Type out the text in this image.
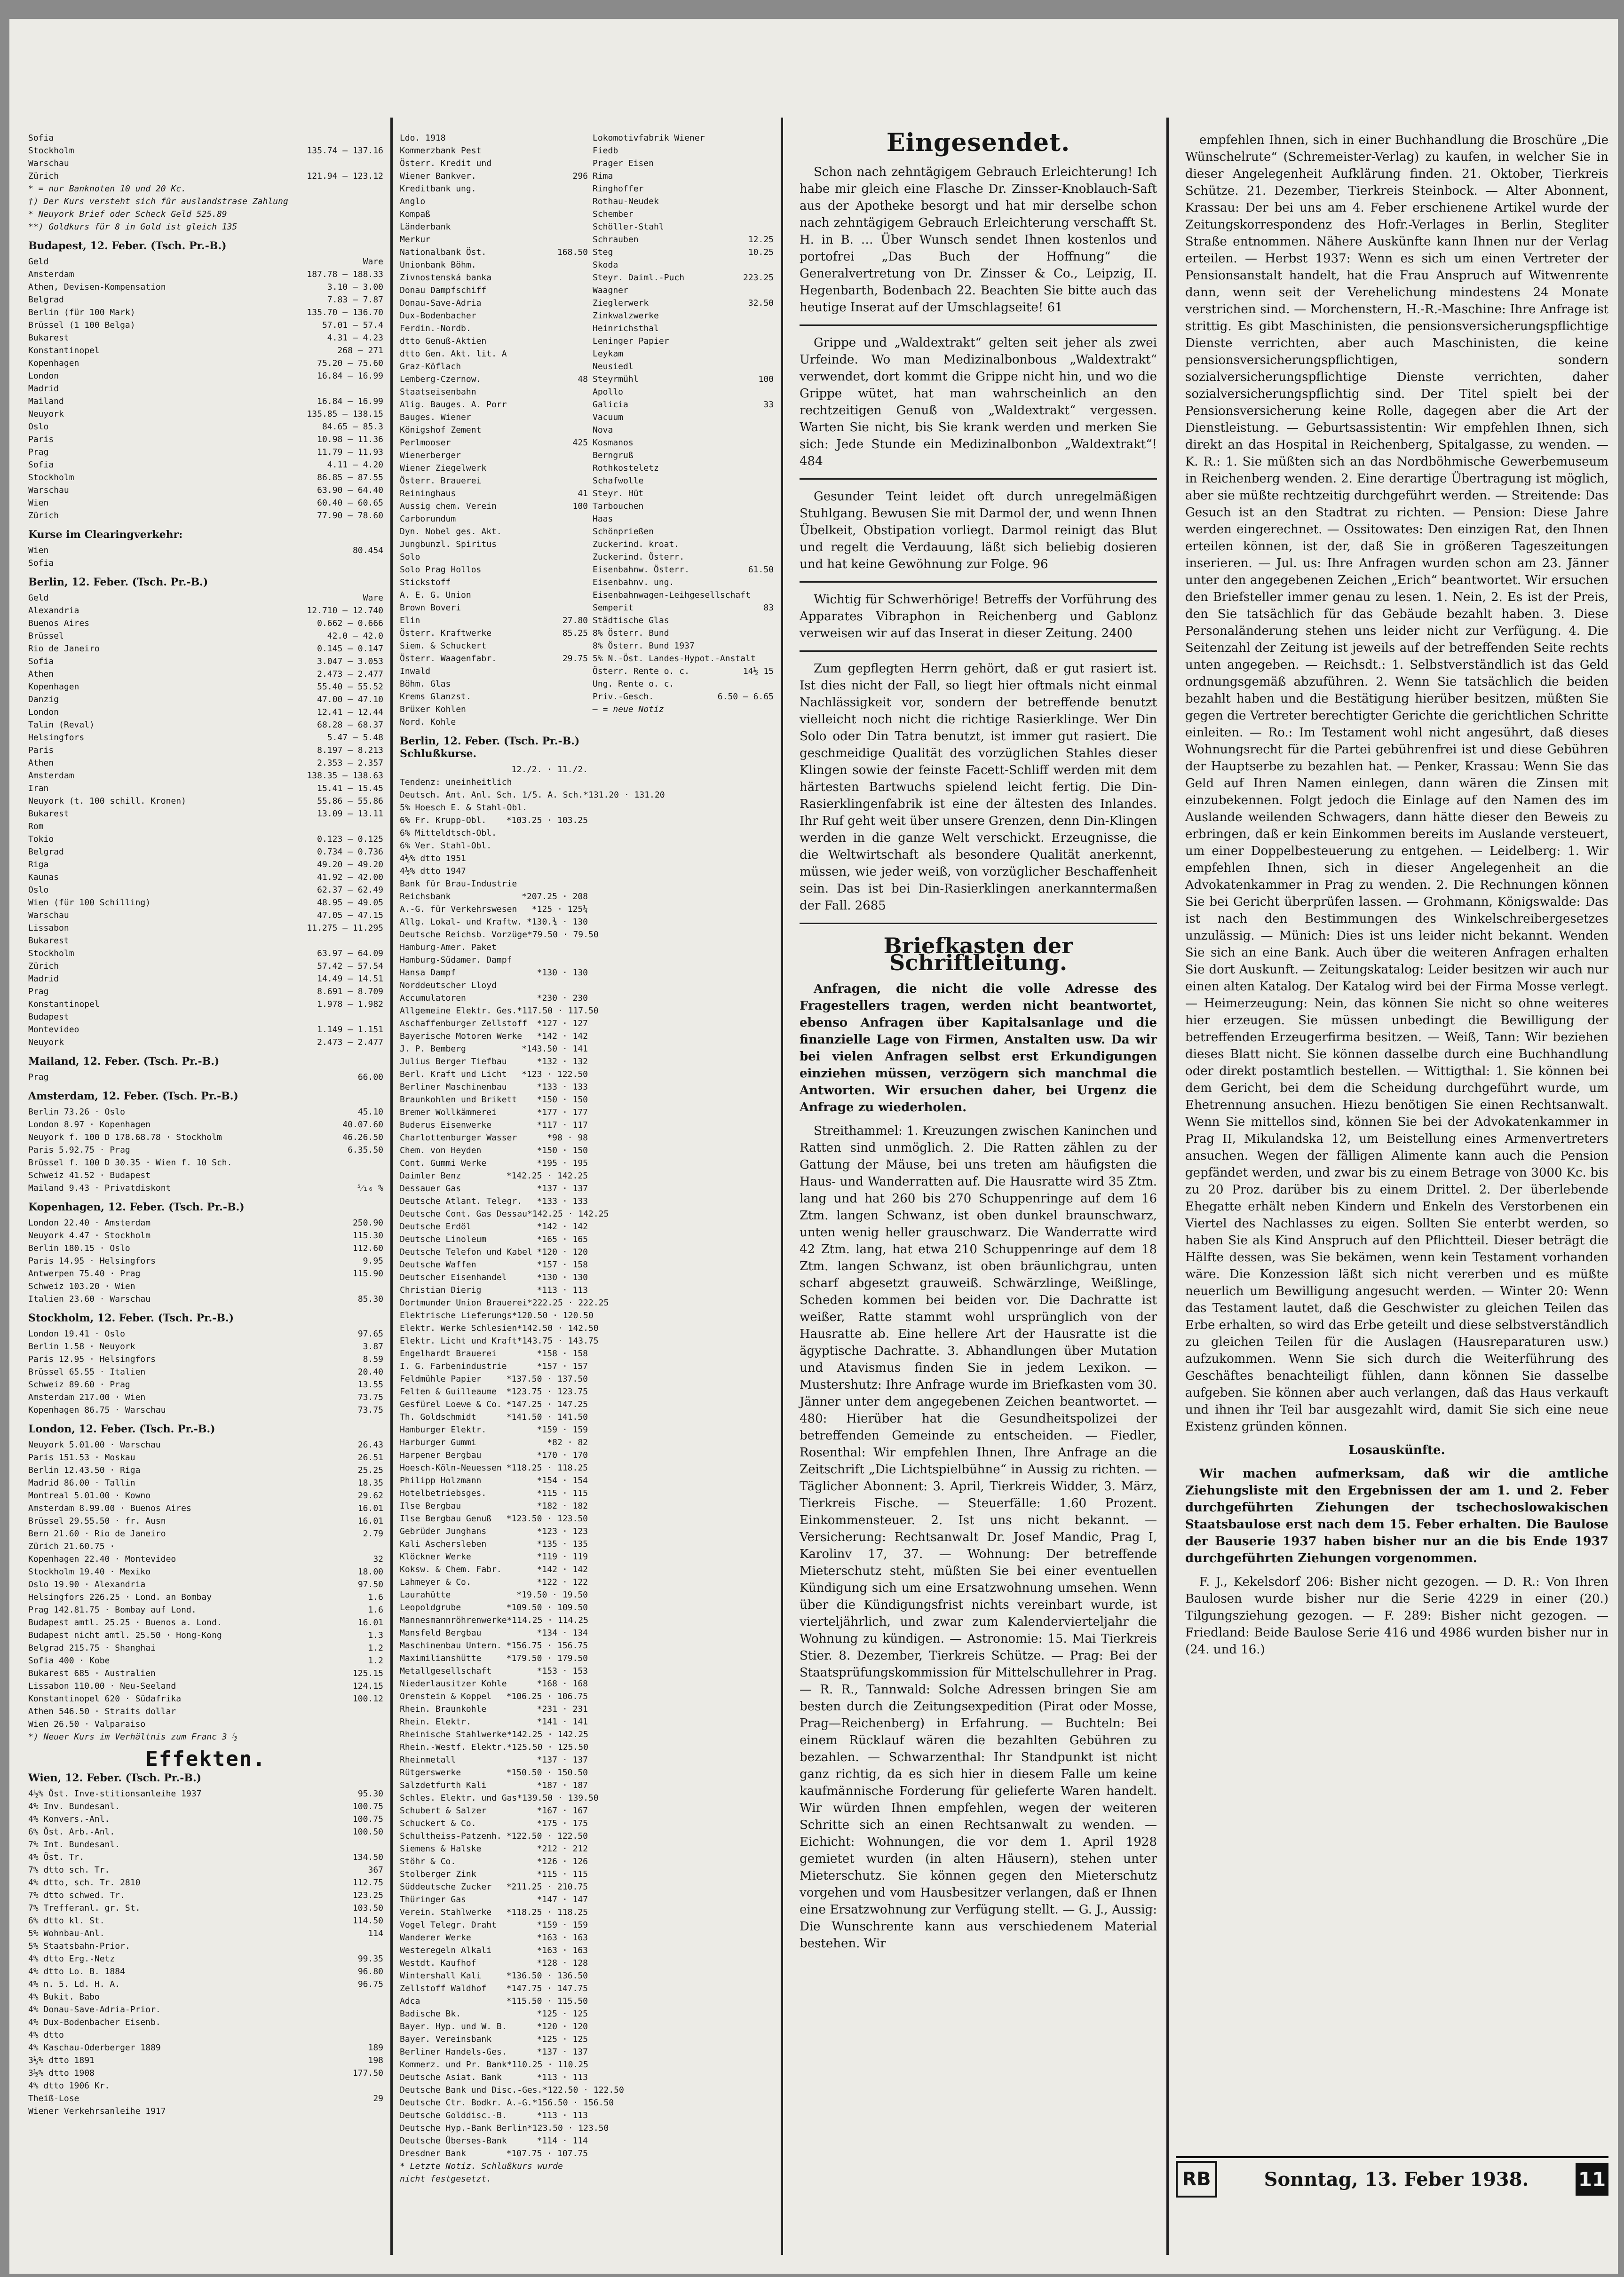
Sofia
Stockholm	135.74 — 137.16
Warschau
Zürich	121.94 — 123.12
* = nur Banknoten 10 und 20 Kc.
†) Der Kurs versteht sich für auslandstrase Zahlung
* Neuyork Brief oder Scheck Geld 525.89
**) Goldkurs für 8 in Gold ist gleich 135
Budapest, 12. Feber. (Tsch. Pr.-B.)
Geld	Ware
Amsterdam	187.78 — 188.33
Athen, Devisen-Kompensation	3.10 — 3.00
Belgrad	7.83 — 7.87
Berlin (für 100 Mark)	135.70 — 136.70
Brüssel (1 100 Belga)	57.01 — 57.4
Bukarest	4.31 — 4.23
Konstantinopel	268 — 271
Kopenhagen	75.20 — 75.60
London	16.84 — 16.99
Madrid
Mailand	16.84 — 16.99
Neuyork	135.85 — 138.15
Oslo	84.65 — 85.3
Paris	10.98 — 11.36
Prag	11.79 — 11.93
Sofia	4.11 — 4.20
Stockholm	86.85 — 87.55
Warschau	63.90 — 64.40
Wien	60.40 — 60.65
Zürich	77.90 — 78.60
Kurse im Clearingverkehr:
Wien	80.454
Sofia
Berlin, 12. Feber. (Tsch. Pr.-B.)
Geld	Ware
Alexandria	12.710 — 12.740
Buenos Aires	0.662 — 0.666
Brüssel	42.0 — 42.0
Rio de Janeiro	0.145 — 0.147
Sofia	3.047 — 3.053
Athen	2.473 — 2.477
Kopenhagen	55.40 — 55.52
Danzig	47.00 — 47.10
London	12.41 — 12.44
Talin (Reval)	68.28 — 68.37
Helsingfors	5.47 — 5.48
Paris	8.197 — 8.213
Athen	2.353 — 2.357
Amsterdam	138.35 — 138.63
Iran	15.41 — 15.45
Neuyork (t. 100 schill. Kronen)	55.86 — 55.86
Bukarest	13.09 — 13.11
Rom
Tokio	0.123 — 0.125
Belgrad	0.734 — 0.736
Riga	49.20 — 49.20
Kaunas	41.92 — 42.00
Oslo	62.37 — 62.49
Wien (für 100 Schilling)	48.95 — 49.05
Warschau	47.05 — 47.15
Lissabon	11.275 — 11.295
Bukarest
Stockholm	63.97 — 64.09
Zürich	57.42 — 57.54
Madrid	14.49 — 14.51
Prag	8.691 — 8.709
Konstantinopel	1.978 — 1.982
Budapest
Montevideo	1.149 — 1.151
Neuyork	2.473 — 2.477
Mailand, 12. Feber. (Tsch. Pr.-B.)
Prag	66.00
Amsterdam, 12. Feber. (Tsch. Pr.-B.)
Berlin 73.26 · Oslo	45.10
London 8.97 · Kopenhagen	40.07.60
Neuyork f. 100 D 178.68.78 · Stockholm	46.26.50
Paris 5.92.75 · Prag	6.35.50
Brüssel f. 100 D 30.35 · Wien f. 10 Sch.
Schweiz 41.52 · Budapest
Mailand 9.43 · Privatdiskont	⁵⁄₁₆ %
Kopenhagen, 12. Feber. (Tsch. Pr.-B.)
London 22.40 · Amsterdam	250.90
Neuyork 4.47 · Stockholm	115.30
Berlin 180.15 · Oslo	112.60
Paris 14.95 · Helsingfors	9.95
Antwerpen 75.40 · Prag	115.90
Schweiz 103.20 · Wien
Italien 23.60 · Warschau	85.30
Stockholm, 12. Feber. (Tsch. Pr.-B.)
London 19.41 · Oslo	97.65
Berlin 1.58 · Neuyork	3.87
Paris 12.95 · Helsingfors	8.59
Brüssel 65.55 · Italien	20.40
Schweiz 89.60 · Prag	13.55
Amsterdam 217.00 · Wien	73.75
Kopenhagen 86.75 · Warschau	73.75
London, 12. Feber. (Tsch. Pr.-B.)
Neuyork 5.01.00 · Warschau	26.43
Paris 151.53 · Moskau	26.51
Berlin 12.43.50 · Riga	25.25
Madrid 86.00 · Tallin	18.35
Montreal 5.01.00 · Kowno	29.62
Amsterdam 8.99.00 · Buenos Aires	16.01
Brüssel 29.55.50 · fr. Ausn	16.01
Bern 21.60 · Rio de Janeiro	2.79
Zürich 21.60.75 ·
Kopenhagen 22.40 · Montevideo	32
Stockholm 19.40 · Mexiko	18.00
Oslo 19.90 · Alexandria	97.50
Helsingfors 226.25 · Lond. an Bombay	1.6
Prag 142.81.75 · Bombay auf Lond.	1.6
Budapest amtl. 25.25 · Buenos a. Lond.	16.01
Budapest nicht amtl. 25.50 · Hong-Kong	1.3
Belgrad 215.75 · Shanghai	1.2
Sofia 400 · Kobe	1.2
Bukarest 685 · Australien	125.15
Lissabon 110.00 · Neu-Seeland	124.15
Konstantinopel 620 · Südafrika	100.12
Athen 546.50 · Straits dollar
Wien 26.50 · Valparaiso
*) Neuer Kurs im Verhältnis zum Franc 3 ½
Effekten.
Wien, 12. Feber. (Tsch. Pr.-B.)
4½% Öst. Inve-stitionsanleihe 1937	95.30
4% Inv. Bundesanl.	100.75
4% Konvers.-Anl.	100.75
6% Öst. Arb.-Anl.	100.50
7% Int. Bundesanl.
4% Öst. Tr.	134.50
7% dtto sch. Tr.	367
4% dtto, sch. Tr. 2810	112.75
7% dtto schwed. Tr.	123.25
7% Trefferanl. gr. St.	103.50
6% dtto kl. St.	114.50
5% Wohnbau-Anl.	114
5% Staatsbahn-Prior.
4% dtto Erg.-Netz	99.35
4% dtto Lo. B. 1884	96.80
4% n. 5. Ld. H. A.	96.75
4% Bukit. Babo
4% Donau-Save-Adria-Prior.
4% Dux-Bodenbacher Eisenb.
4% dtto
4% Kaschau-Oderberger 1889	189
3½% dtto 1891	198
3½% dtto 1908	177.50
4% dtto 1906 Kr.
Theiß-Lose	29
Wiener Verkehrsanleihe 1917
Ldo. 1918
Kommerzbank Pest
Österr. Kredit und
Wiener Bankver.	296
Kreditbank ung.
Anglo
Kompaß
Länderbank
Merkur
Nationalbank Öst.	168.50
Unionbank Böhm.
Zivnostenská banka
Donau Dampfschiff
Donau-Save-Adria
Dux-Bodenbacher
Ferdin.-Nordb.
dtto Genuß-Aktien
dtto Gen. Akt. lit. A
Graz-Köflach
Lemberg-Czernow.	48
Staatseisenbahn
Alig. Bauges. A. Porr
Bauges. Wiener
Königshof Zement
Perlmooser	425
Wienerberger
Wiener Ziegelwerk
Österr. Brauerei
Reininghaus	41
Aussig chem. Verein	100
Carborundum
Dyn. Nobel ges. Akt.
Jungbunzl. Spiritus
Solo
Solo Prag Hollos
Stickstoff
A. E. G. Union
Brown Boveri
Elin	27.80
Österr. Kraftwerke	85.25
Siem. & Schuckert
Österr. Waagenfabr.	29.75
Inwald
Böhm. Glas
Krems Glanzst.
Brüxer Kohlen
Nord. Kohle
Berlin, 12. Feber. (Tsch. Pr.-B.) Schlußkurse.
12./2. · 11./2.
Tendenz: uneinheitlich
Deutsch. Ant. Anl. Sch. 1/5. A. Sch. *131.20 · 131.20
5% Hoesch E. & Stahl-Obl.
6% Fr. Krupp-Obl. *103.25 · 103.25
6% Mitteldtsch-Obl.
6% Ver. Stahl-Obl.
4½% dtto 1951
4½% dtto 1947
Bank für Brau-Industrie
Reichsbank	*207.25 · 208
A.-G. für Verkehrswesen *125 · 125¼
Allg. Lokal- und Kraftw. *130.¾ · 130
Deutsche Reichsb. Vorzüge *79.50 · 79.50
Hamburg-Amer. Paket
Hamburg-Südamer. Dampf
Hansa Dampf	*130 · 130
Norddeutscher Lloyd
Accumulatoren	*230 · 230
Allgemeine Elektr. Ges. *117.50 · 117.50
Aschaffenburger Zellstoff *127 · 127
Bayerische Motoren Werke *142 · 142
J. P. Bemberg	*143.50 · 141
Julius Berger Tiefbau	*132 · 132
Berl. Kraft und Licht *123 · 122.50
Berliner Maschinenbau	*133 · 133
Braunkohlen und Brikett *150 · 150
Bremer Wollkämmerei	*177 · 177
Buderus Eisenwerke	*117 · 117
Charlottenburger Wasser	*98 · 98
Chem. von Heyden	*150 · 150
Cont. Gummi Werke	*195 · 195
Daimler Benz	*142.25 · 142.25
Dessauer Gas	*137 · 137
Deutsche Atlant. Telegr. *133 · 133
Deutsche Cont. Gas Dessau *142.25 · 142.25
Deutsche Erdöl	*142 · 142
Deutsche Linoleum	*165 · 165
Deutsche Telefon und Kabel *120 · 120
Deutsche Waffen	*157 · 158
Deutscher Eisenhandel	*130 · 130
Christian Dierig	*113 · 113
Dortmunder Union Brauerei *222.25 · 222.25
Elektrische Lieferungs *120.50 · 120.50
Elektr. Werke Schlesien *142.50 · 142.50
Elektr. Licht und Kraft *143.75 · 143.75
Engelhardt Brauerei	*158 · 158
I. G. Farbenindustrie	*157 · 157
Feldmühle Papier	*137.50 · 137.50
Felten & Guilleaume *123.75 · 123.75
Gesfürel Loewe & Co. *147.25 · 147.25
Th. Goldschmidt	*141.50 · 141.50
Hamburger Elektr.	*159 · 159
Harburger Gummi	*82 · 82
Harpener Bergbau	*170 · 170
Hoesch-Köln-Neuessen *118.25 · 118.25
Philipp Holzmann	*154 · 154
Hotelbetriebsges.	*115 · 115
Ilse Bergbau	*182 · 182
Ilse Bergbau Genuß *123.50 · 123.50
Gebrüder Junghans	*123 · 123
Kali Aschersleben	*135 · 135
Klöckner Werke	*119 · 119
Koksw. & Chem. Fabr.	*142 · 142
Lahmeyer & Co.	*122 · 122
Laurahütte	*19.50 · 19.50
Leopoldgrube	*109.50 · 109.50
Mannesmannröhrenwerke *114.25 · 114.25
Mansfeld Bergbau	*134 · 134
Maschinenbau Untern. *156.75 · 156.75
Maximilianshütte	*179.50 · 179.50
Metallgesellschaft	*153 · 153
Niederlausitzer Kohle	*168 · 168
Orenstein & Koppel *106.25 · 106.75
Rhein. Braunkohle	*231 · 231
Rhein. Elektr.	*141 · 141
Rheinische Stahlwerke *142.25 · 142.25
Rhein.-Westf. Elektr. *125.50 · 125.50
Rheinmetall	*137 · 137
Rütgerswerke	*150.50 · 150.50
Salzdetfurth Kali	*187 · 187
Schles. Elektr. und Gas *139.50 · 139.50
Schubert & Salzer	*167 · 167
Schuckert & Co.	*175 · 175
Schultheiss-Patzenh. *122.50 · 122.50
Siemens & Halske	*212 · 212
Stöhr & Co.	*126 · 126
Stolberger Zink	*115 · 115
Süddeutsche Zucker *211.25 · 210.75
Thüringer Gas	*147 · 147
Verein. Stahlwerke *118.25 · 118.25
Vogel Telegr. Draht	*159 · 159
Wanderer Werke	*163 · 163
Westeregeln Alkali	*163 · 163
Westdt. Kaufhof	*128 · 128
Wintershall Kali	*136.50 · 136.50
Zellstoff Waldhof *147.75 · 147.75
Adca	*115.50 · 115.50
Badische Bk.	*125 · 125
Bayer. Hyp. und W. B.	*120 · 120
Bayer. Vereinsbank	*125 · 125
Berliner Handels-Ges.	*137 · 137
Kommerz. und Pr. Bank *110.25 · 110.25
Deutsche Asiat. Bank	*113 · 113
Deutsche Bank und Disc.-Ges. *122.50 · 122.50
Deutsche Ctr. Bodkr. A.-G. *156.50 · 156.50
Deutsche Golddisc.-B.	*113 · 113
Deutsche Hyp.-Bank Berlin *123.50 · 123.50
Deutsche Überses-Bank	*114 · 114
Dresdner Bank	*107.75 · 107.75
* Letzte Notiz. Schlußkurs wurde nicht festgesetzt.
Lokomotivfabrik Wiener
Fiedb
Prager Eisen
Rima
Ringhoffer
Rothau-Neudek
Schember
Schöller-Stahl
Schrauben	12.25
Steg	10.25
Skoda
Steyr. Daiml.-Puch	223.25
Waagner
Zieglerwerk	32.50
Zinkwalzwerke
Heinrichsthal
Leninger Papier
Leykam
Neusiedl
Steyrmühl	100
Apollo
Galicia	33
Vacuum
Nova
Kosmanos
Berngruß
Rothkosteletz
Schafwolle
Steyr. Hüt
Tarbouchen
Haas
Schönprießen
Zuckerind. kroat.
Zuckerind. Österr.
Eisenbahnw. Österr.	61.50
Eisenbahnv. ung.
Eisenbahnwagen-Leihgesellschaft
Semperit	83
Städtische Glas
8% Österr. Bund
8% Österr. Bund 1937
5% N.-Öst. Landes-Hypot.-Anstalt
Österr. Rente o. c.	14½ 15
Ung. Rente o. c.
Priv.-Gesch.	6.50 — 6.65
— = neue Notiz
Eingesendet.

Schon nach zehntägigem Gebrauch Erleichterung! Ich habe mir gleich eine Flasche Dr. Zinsser-Knoblauch-Saft aus der Apotheke besorgt und hat mir derselbe schon nach zehntägigem Gebrauch Erleichterung verschafft St. H. in B. … Über Wunsch sendet Ihnen kostenlos und portofrei „Das Buch der Hoffnung“ die Generalvertretung von Dr. Zinsser & Co., Leipzig, II. Hegenbarth, Bodenbach 22. Beachten Sie bitte auch das heutige Inserat auf der Umschlagseite! 61

Grippe und „Waldextrakt“ gelten seit jeher als zwei Urfeinde. Wo man Medizinalbonbous „Waldextrakt“ verwendet, dort kommt die Grippe nicht hin, und wo die Grippe wütet, hat man wahrscheinlich an den rechtzeitigen Genuß von „Waldextrakt“ vergessen. Warten Sie nicht, bis Sie krank werden und merken Sie sich: Jede Stunde ein Medizinalbonbon „Waldextrakt“! 484

Gesunder Teint leidet oft durch unregelmäßigen Stuhlgang. Bewusen Sie mit Darmol der, und wenn Ihnen Übelkeit, Obstipation vorliegt. Darmol reinigt das Blut und regelt die Verdauung, läßt sich beliebig dosieren und hat keine Gewöhnung zur Folge. 96

Wichtig für Schwerhörige! Betreffs der Vorführung des Apparates Vibraphon in Reichenberg und Gablonz verweisen wir auf das Inserat in dieser Zeitung. 2400

Zum gepflegten Herrn gehört, daß er gut rasiert ist. Ist dies nicht der Fall, so liegt hier oftmals nicht einmal Nachlässigkeit vor, sondern der betreffende benutzt vielleicht noch nicht die richtige Rasierklinge. Wer Din Solo oder Din Tatra benutzt, ist immer gut rasiert. Die geschmeidige Qualität des vorzüglichen Stahles dieser Klingen sowie der feinste Facett-Schliff werden mit dem härtesten Bartwuchs spielend leicht fertig. Die Din-Rasierklingenfabrik ist eine der ältesten des Inlandes. Ihr Ruf geht weit über unsere Grenzen, denn Din-Klingen werden in die ganze Welt verschickt. Erzeugnisse, die die Weltwirtschaft als besondere Qualität anerkennt, müssen, wie jeder weiß, von vorzüglicher Beschaffenheit sein. Das ist bei Din-Rasierklingen anerkanntermaßen der Fall. 2685

Briefkasten der Schriftleitung.

Anfragen, die nicht die volle Adresse des Fragestellers tragen, werden nicht beantwortet, ebenso Anfragen über Kapitalsanlage und die finanzielle Lage von Firmen, Anstalten usw. Da wir bei vielen Anfragen selbst erst Erkundigungen einziehen müssen, verzögern sich manchmal die Antworten. Wir ersuchen daher, bei Urgenz die Anfrage zu wiederholen.

Streithammel: 1. Kreuzungen zwischen Kaninchen und Ratten sind unmöglich. 2. Die Ratten zählen zu der Gattung der Mäuse, bei uns treten am häufigsten die Haus- und Wanderratten auf. Die Hausratte wird 35 Ztm. lang und hat 260 bis 270 Schuppenringe auf dem 16 Ztm. langen Schwanz, ist oben dunkel braunschwarz, unten wenig heller grauschwarz. Die Wanderratte wird 42 Ztm. lang, hat etwa 210 Schuppenringe auf dem 18 Ztm. langen Schwanz, ist oben bräunlichgrau, unten scharf abgesetzt grauweiß. Schwärzlinge, Weißlinge, Scheden kommen bei beiden vor. Die Dachratte ist weißer, Ratte stammt wohl ursprünglich von der Hausratte ab. Eine hellere Art der Hausratte ist die ägyptische Dachratte. 3. Abhandlungen über Mutation und Atavismus finden Sie in jedem Lexikon. — Mustershutz: Ihre Anfrage wurde im Briefkasten vom 30. Jänner unter dem angegebenen Zeichen beantwortet. — 480: Hierüber hat die Gesundheitspolizei der betreffenden Gemeinde zu entscheiden. — Fiedler, Rosenthal: Wir empfehlen Ihnen, Ihre Anfrage an die Zeitschrift „Die Lichtspielbühne“ in Aussig zu richten. — Täglicher Abonnent: 3. April, Tierkreis Widder, 3. März, Tierkreis Fische. — Steuerfälle: 1.60 Prozent. Einkommensteuer. 2. Ist uns nicht bekannt. — Versicherung: Rechtsanwalt Dr. Josef Mandic, Prag I, Karolinv 17, 37. — Wohnung: Der betreffende Mieterschutz steht, müßten Sie bei einer eventuellen Kündigung sich um eine Ersatzwohnung umsehen. Wenn über die Kündigungsfrist nichts vereinbart wurde, ist vierteljährlich, und zwar zum Kalendervierteljahr die Wohnung zu kündigen. — Astronomie: 15. Mai Tierkreis Stier. 8. Dezember, Tierkreis Schütze. — Prag: Bei der Staatsprüfungskommission für Mittelschullehrer in Prag. — R. R., Tannwald: Solche Adressen bringen Sie am besten durch die Zeitungsexpedition (Pirat oder Mosse, Prag—Reichenberg) in Erfahrung. — Buchteln: Bei einem Rücklauf wären die bezahlten Gebühren zu bezahlen. — Schwarzenthal: Ihr Standpunkt ist nicht ganz richtig, da es sich hier in diesem Falle um keine kaufmännische Forderung für gelieferte Waren handelt. Wir würden Ihnen empfehlen, wegen der weiteren Schritte sich an einen Rechtsanwalt zu wenden. — Eichicht: Wohnungen, die vor dem 1. April 1928 gemietet wurden (in alten Häusern), stehen unter Mieterschutz. Sie können gegen den Mieterschutz vorgehen und vom Hausbesitzer verlangen, daß er Ihnen eine Ersatzwohnung zur Verfügung stellt. — G. J., Aussig: Die Wunschrente kann aus verschiedenem Material bestehen. Wir

empfehlen Ihnen, sich in einer Buchhandlung die Broschüre „Die Wünschelrute“ (Schremeister-Verlag) zu kaufen, in welcher Sie in dieser Angelegenheit Aufklärung finden. 21. Oktober, Tierkreis Schütze. 21. Dezember, Tierkreis Steinbock. — Alter Abonnent, Krassau: Der bei uns am 4. Feber erschienene Artikel wurde der Zeitungskorrespondenz des Hofr.-Verlages in Berlin, Stegliter Straße entnommen. Nähere Auskünfte kann Ihnen nur der Verlag erteilen. — Herbst 1937: Wenn es sich um einen Vertreter der Pensionsanstalt handelt, hat die Frau Anspruch auf Witwenrente dann, wenn seit der Verehelichung mindestens 24 Monate verstrichen sind. — Morchenstern, H.-R.-Maschine: Ihre Anfrage ist strittig. Es gibt Maschinisten, die pensionsversicherungspflichtige Dienste verrichten, aber auch Maschinisten, die keine pensionsversicherungspflichtigen, sondern sozialversicherungspflichtige Dienste verrichten, daher sozialversicherungspflichtig sind. Der Titel spielt bei der Pensionsversicherung keine Rolle, dagegen aber die Art der Dienstleistung. — Geburtsassistentin: Wir empfehlen Ihnen, sich direkt an das Hospital in Reichenberg, Spitalgasse, zu wenden. — K. R.: 1. Sie müßten sich an das Nordböhmische Gewerbemuseum in Reichenberg wenden. 2. Eine derartige Übertragung ist möglich, aber sie müßte rechtzeitig durchgeführt werden. — Streitende: Das Gesuch ist an den Stadtrat zu richten. — Pension: Diese Jahre werden eingerechnet. — Ossitowates: Den einzigen Rat, den Ihnen erteilen können, ist der, daß Sie in größeren Tageszeitungen inserieren. — Jul. us: Ihre Anfragen wurden schon am 23. Jänner unter den angegebenen Zeichen „Erich“ beantwortet. Wir ersuchen den Briefsteller immer genau zu lesen. 1. Nein, 2. Es ist der Preis, den Sie tatsächlich für das Gebäude bezahlt haben. 3. Diese Personaländerung stehen uns leider nicht zur Verfügung. 4. Die Seitenzahl der Zeitung ist jeweils auf der betreffenden Seite rechts unten angegeben. — Reichsdt.: 1. Selbstverständlich ist das Geld ordnungsgemäß abzuführen. 2. Wenn Sie tatsächlich die beiden bezahlt haben und die Bestätigung hierüber besitzen, müßten Sie gegen die Vertreter berechtigter Gerichte die gerichtlichen Schritte einleiten. — Ro.: Im Testament wohl nicht angesührt, daß dieses Wohnungsrecht für die Partei gebührenfrei ist und diese Gebühren der Hauptserbe zu bezahlen hat. — Penker, Krassau: Wenn Sie das Geld auf Ihren Namen einlegen, dann wären die Zinsen mit einzubekennen. Folgt jedoch die Einlage auf den Namen des im Auslande weilenden Schwagers, dann hätte dieser den Beweis zu erbringen, daß er kein Einkommen bereits im Auslande versteuert, um einer Doppelbesteuerung zu entgehen. — Leidelberg: 1. Wir empfehlen Ihnen, sich in dieser Angelegenheit an die Advokatenkammer in Prag zu wenden. 2. Die Rechnungen können Sie bei Gericht überprüfen lassen. — Grohmann, Königswalde: Das ist nach den Bestimmungen des Winkelschreibergesetzes unzulässig. — Münich: Dies ist uns leider nicht bekannt. Wenden Sie sich an eine Bank. Auch über die weiteren Anfragen erhalten Sie dort Auskunft. — Zeitungskatalog: Leider besitzen wir auch nur einen alten Katalog. Der Katalog wird bei der Firma Mosse verlegt. — Heimerzeugung: Nein, das können Sie nicht so ohne weiteres hier erzeugen. Sie müssen unbedingt die Bewilligung der betreffenden Erzeugerfirma besitzen. — Weiß, Tann: Wir beziehen dieses Blatt nicht. Sie können dasselbe durch eine Buchhandlung oder direkt postamtlich bestellen. — Wittigthal: 1. Sie können bei dem Gericht, bei dem die Scheidung durchgeführt wurde, um Ehetrennung ansuchen. Hiezu benötigen Sie einen Rechtsanwalt. Wenn Sie mittellos sind, können Sie bei der Advokatenkammer in Prag II, Mikulandska 12, um Beistellung eines Armenvertreters ansuchen. Wegen der fälligen Alimente kann auch die Pension gepfändet werden, und zwar bis zu einem Betrage von 3000 Kc. bis zu 20 Proz. darüber bis zu einem Drittel. 2. Der überlebende Ehegatte erhält neben Kindern und Enkeln des Verstorbenen ein Viertel des Nachlasses zu eigen. Sollten Sie enterbt werden, so haben Sie als Kind Anspruch auf den Pflichtteil. Dieser beträgt die Hälfte dessen, was Sie bekämen, wenn kein Testament vorhanden wäre. Die Konzession läßt sich nicht vererben und es müßte neuerlich um Bewilligung angesucht werden. — Winter 20: Wenn das Testament lautet, daß die Geschwister zu gleichen Teilen das Erbe erhalten, so wird das Erbe geteilt und diese selbstverständlich zu gleichen Teilen für die Auslagen (Hausreparaturen usw.) aufzukommen. Wenn Sie sich durch die Weiterführung des Geschäftes benachteiligt fühlen, dann können Sie dasselbe aufgeben. Sie können aber auch verlangen, daß das Haus verkauft und ihnen ihr Teil bar ausgezahlt wird, damit Sie sich eine neue Existenz gründen können.

Losauskünfte.

Wir machen aufmerksam, daß wir die amtliche Ziehungsliste mit den Ergebnissen der am 1. und 2. Feber durchgeführten Ziehungen der tschechoslowakischen Staatsbaulose erst nach dem 15. Feber erhalten. Die Baulose der Bauserie 1937 haben bisher nur an die bis Ende 1937 durchgeführten Ziehungen vorgenommen.

F. J., Kekelsdorf 206: Bisher nicht gezogen. — D. R.: Von Ihren Baulosen wurde bisher nur die Serie 4229 in einer (20.) Tilgungsziehung gezogen. — F. 289: Bisher nicht gezogen. — Friedland: Beide Baulose Serie 416 und 4986 wurden bisher nur in (24. und 16.)

RB	Sonntag, 13. Feber 1938.	11
